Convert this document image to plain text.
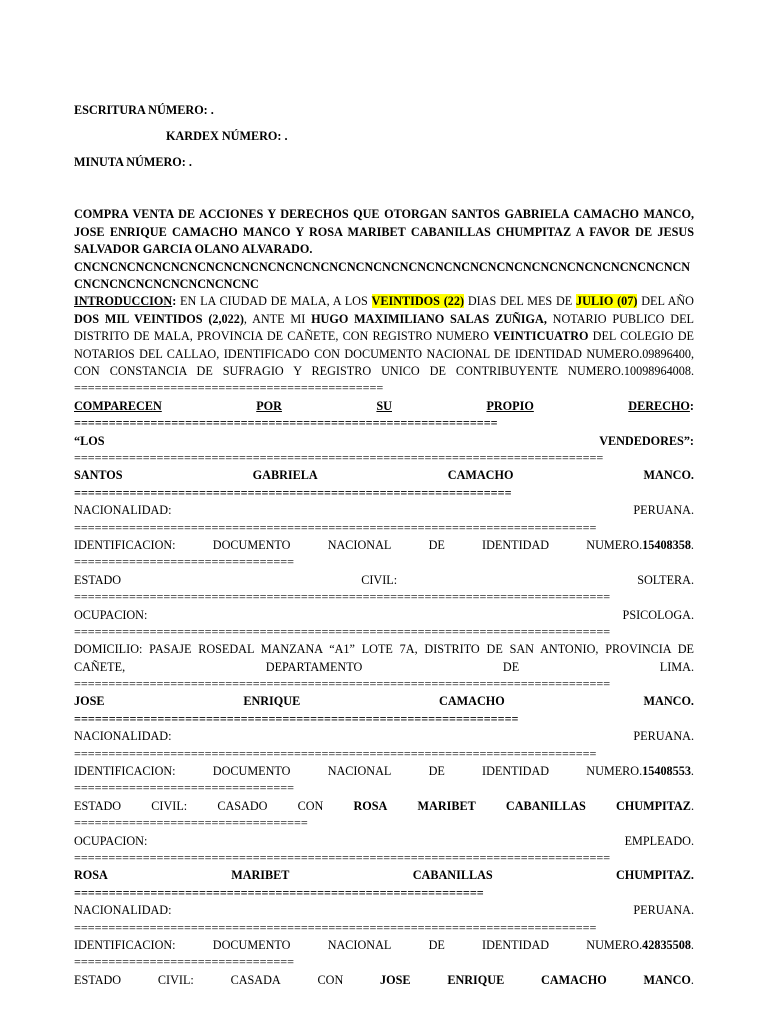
ESCRITURA NÚMERO: .
KARDEX NÚMERO: .
MINUTA NÚMERO: .
COMPRA VENTA DE ACCIONES Y DERECHOS QUE OTORGAN SANTOS GABRIELA CAMACHO MANCO, JOSE ENRIQUE CAMACHO MANCO Y ROSA MARIBET CABANILLAS CHUMPITAZ A FAVOR DE JESUS SALVADOR GARCIA OLANO ALVARADO.
CNCNCNCNCNCNCNCNCNCNCNCNCNCNCNCNCNCNCNCNCNCNCNCNCNCNCNCNCNCNCNCNCNCNCNCNCNCNCNCNCNCNCNCNCNC
INTRODUCCION: EN LA CIUDAD DE MALA, A LOS VEINTIDOS (22) DIAS DEL MES DE JULIO (07) DEL AÑO DOS MIL VEINTIDOS (2,022), ANTE MI HUGO MAXIMILIANO SALAS ZUÑIGA, NOTARIO PUBLICO DEL DISTRITO DE MALA, PROVINCIA DE CAÑETE, CON REGISTRO NUMERO VEINTICUATRO DEL COLEGIO DE NOTARIOS DEL CALLAO, IDENTIFICADO CON DOCUMENTO NACIONAL DE IDENTIDAD NUMERO.09896400, CON CONSTANCIA DE SUFRAGIO Y REGISTRO UNICO DE CONTRIBUYENTE NUMERO.10098964008.
=============================================
COMPARECEN	POR	SU	PROPIO	DERECHO:
=============================================================
“LOS	VENDEDORES”:
=============================================================================
SANTOS	GABRIELA	CAMACHO	MANCO.
===============================================================
NACIONALIDAD:	PERUANA.
============================================================================
IDENTIFICACION:	DOCUMENTO	NACIONAL	DE	IDENTIDAD	NUMERO.15408358.
================================
ESTADO	CIVIL:	SOLTERA.
==============================================================================
OCUPACION:	PSICOLOGA.
==============================================================================
DOMICILIO: PASAJE ROSEDAL MANZANA “A1” LOTE 7A, DISTRITO DE SAN ANTONIO, PROVINCIA DE CAÑETE, DEPARTAMENTO DE LIMA.
==============================================================================
JOSE	ENRIQUE	CAMACHO	MANCO.
================================================================
NACIONALIDAD:	PERUANA.
============================================================================
IDENTIFICACION:	DOCUMENTO	NACIONAL	DE	IDENTIDAD	NUMERO.15408553.
================================
ESTADO CIVIL: CASADO CON ROSA MARIBET CABANILLAS CHUMPITAZ.
==================================
OCUPACION:	EMPLEADO.
==============================================================================
ROSA	MARIBET	CABANILLAS	CHUMPITAZ.
===========================================================
NACIONALIDAD:	PERUANA.
============================================================================
IDENTIFICACION:	DOCUMENTO	NACIONAL	DE	IDENTIDAD	NUMERO.42835508.
================================
ESTADO	CIVIL:	CASADA	CON	JOSE	ENRIQUE	CAMACHO	MANCO.
